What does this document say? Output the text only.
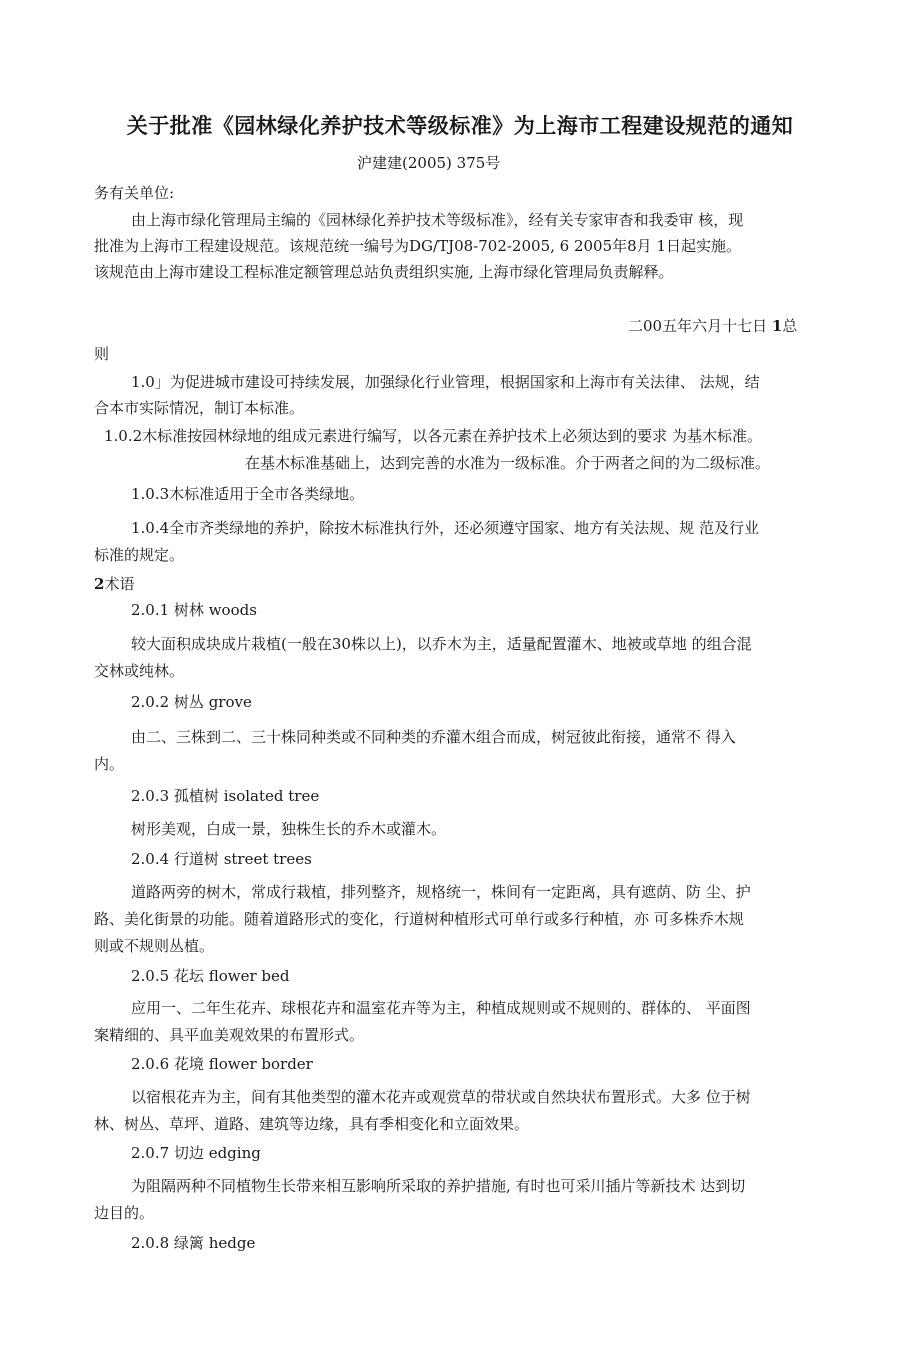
关于批准《园林绿化养护技术等级标准》为上海市工程建设规范的通知
沪建建(2005) 375号
务有关单位:
由上海市绿化管理局主编的《园林绿化养护技术等级标准》，经有关专家审杳和我委审 核，现
批准为上海市工程建设规范。该规范统一编号为DG/TJ08-702-2005, 6 2005年8月 1日起实施。
该规范由上海市建设工程标准定额管理总站负责组织实施, 上海市绿化管理局负责解释。
二00五年六月十七日 1总
则
1.0」为促进城市建设可持续发展，加强绿化行业管理，根据国家和上海市有关法律、 法规，结
合本市实际情况，制订本标准。
1.0.2木标准按园林绿地的组成元素进行编写，以各元素在养护技术上必须达到的要求 为基木标准。
在基木标准基础上，达到完善的水准为一级标准。介于两者之间的为二级标准。
1.0.3木标准适用于全市各类绿地。
1.0.4全市齐类绿地的养护，除按木标准执行外，还必须遵守国家、地方有关法规、规 范及行业
标准的规定。
2术语
2.0.1 树林 woods
较大面积成块成片栽植(一般在30株以上)，以乔木为主，适量配置灌木、地被或草地 的组合混
交林或纯林。
2.0.2 树丛 grove
由二、三株到二、三十株同种类或不同种类的乔灌木组合而成，树冠彼此衔接，通常不 得入
内。
2.0.3 孤植树 isolated tree
树形美观，白成一景，独株生长的乔木或灌木。
2.0.4 行道树 street trees
道路两旁的树木，常成行栽植，排列整齐，规格统一，株间有一定距离，具有遮荫、防 尘、护
路、美化街景的功能。随着道路形式的变化，行道树种植形式可单行或多行种植，亦 可多株乔木规
则或不规则丛植。
2.0.5 花坛 flower bed
应用一、二年生花卉、球根花卉和温室花卉等为主，种植成规则或不规则的、群体的、 平面图
案精细的、具平血美观效果的布置形式。
2.0.6 花境 flower border
以宿根花卉为主，间有其他类型的灌木花卉或观赏草的带状或自然块状布置形式。大多 位于树
林、树丛、草坪、道路、建筑等边缘，具有季相变化和立面效果。
2.0.7 切边 edging
为阻隔两种不同植物生长带来相互影响所采取的养护措施, 有时也可采川插片等新技术 达到切
边目的。
2.0.8 绿篱 hedge
